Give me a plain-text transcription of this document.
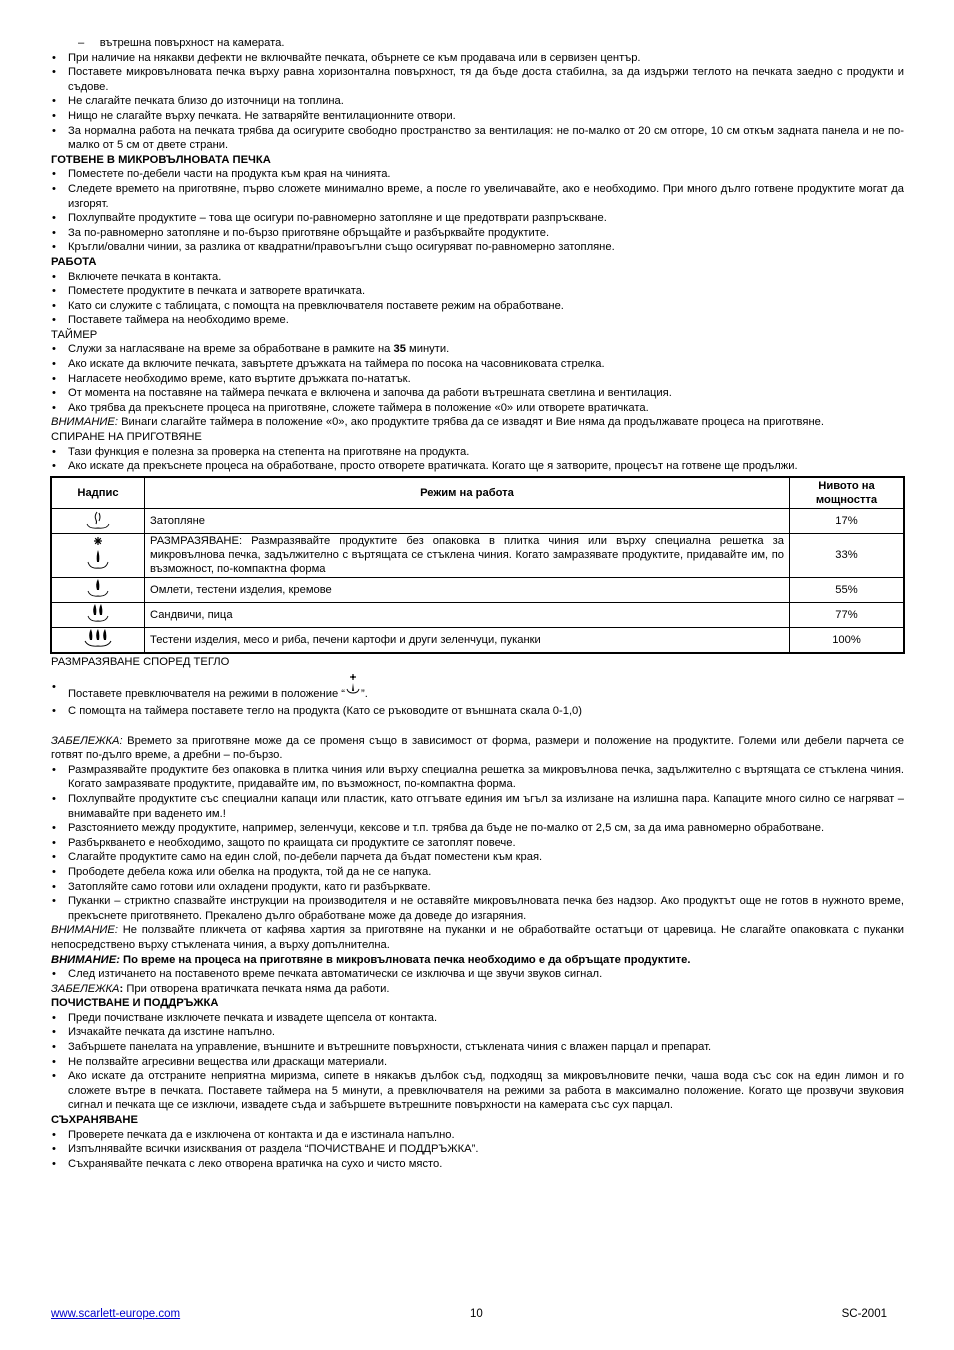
–     вътрешна повърхност на камерата.
• При наличие на някакви дефекти не включвайте печката, обърнете се към продавача или в сервизен център.
• Поставете микровълновата печка върху равна хоризонтална повърхност, тя да бъде доста стабилна, за да издържи теглото на печката заедно с продукти и съдове.
• Не слагайте печката близо до източници на топлина.
• Нищо не слагайте върху печката. Не затваряйте вентилационните отвори.
• За нормална работа на печката трябва да осигурите свободно пространство за вентилация: не по-малко от 20 см отгоре, 10 см откъм задната панела и не по-малко от 5 см от двете страни.
ГОТВЕНЕ В МИКРОВЪЛНОВАТА ПЕЧКА
• Поместете по-дебели части на продукта към края на чинията.
• Следете времето на приготвяне, първо сложете минимално време, а после го увеличавайте, ако е необходимо. При много дълго готвене продуктите могат да изгорят.
• Похлупвайте продуктите – това ще осигури по-равномерно затопляне и ще предотврати разпръскване.
• За по-равномерно затопляне и по-бързо приготвяне обръщайте и разбърквайте продуктите.
• Кръгли/овални чинии, за разлика от квадратни/правоъгълни също осигуряват по-равномерно затопляне.
РАБОТА
• Включете печката в контакта.
• Поместете продуктите в печката и затворете вратичката.
• Като си служите с таблицата, с помощта на превключвателя поставете режим на обработване.
• Поставете таймера на необходимо време.
ТАЙМЕР
• Служи за нагласяване на време за обработване в рамките на 35 минути.
• Ако искате да включите печката, завъртете дръжката на таймера по посока на часовниковата стрелка.
• Нагласете необходимо време, като въртите дръжката по-нататък.
• От момента на поставяне на таймера печката е включена и започва да работи вътрешната светлина и вентилация.
• Ако трябва да прекъснете процеса на приготвяне, сложете таймера в положение «0» или отворете вратичката.
ВНИМАНИЕ: Винаги слагайте таймера в положение «0», ако продуктите трябва да се извадят и Вие няма да продължавате процеса на приготвяне.
СПИРАНЕ НА ПРИГОТВЯНЕ
• Тази функция е полезна за проверка на степента на приготвяне на продукта.
• Ако искате да прекъснете процеса на обработване, просто отворете вратичката. Когато ще я затворите, процесът на готвене ще продължи.
Надпис	Режим на работа	Нивото на мощността
	Затопляне	17%
	РАЗМРАЗЯВАНЕ: Размразявайте продуктите без опаковка в плитка чиния или върху специална решетка за микровълнова печка, задължително с въртящата се стъклена чиния. Когато замразявате продуктите, придавайте им, по възможност, по-компактна форма	33%
	Омлети, тестени изделия, кремове	55%
	Сандвичи, пица	77%
	Тестени изделия, месо и риба, печени картофи и други зеленчуци, пуканки	100%
РАЗМРАЗЯВАНЕ СПОРЕД ТЕГЛО
• Поставете превключвателя на режими в положение “ ”.
• С помощта на таймера поставете тегло на продукта (Като се ръководите от външната скала 0-1,0)
ЗАБЕЛЕЖКА: Времето за приготвяне може да се променя също в зависимост от форма, размери и положение на продуктите. Големи или дебели парчета се готвят по-дълго време, а дребни – по-бързо.
• Размразявайте продуктите без опаковка в плитка чиния или върху специална решетка за микровълнова печка, задължително с въртящата се стъклена чиния. Когато замразявате продуктите, придавайте им, по възможност, по-компактна форма.
• Похлупвайте продуктите със специални капаци или пластик, като отгъвате единия им ъгъл за излизане на излишна пара. Капаците много силно се нагряват – внимавайте при ваденето им.!
• Разстоянието между продуктите, например, зеленчуци, кексове и т.п. трябва да бъде не по-малко от 2,5 см, за да има равномерно обработване.
• Разбъркването е необходимо, защото по краищата си продуктите се затоплят повече.
• Слагайте продуктите само на един слой, по-дебели парчета да бъдат поместени към края.
• Прободете дебела кожа или обелка на продукта, той да не се напука.
• Затопляйте само готови или охладени продукти, като ги разбърквате.
• Пуканки – стриктно спазвайте инструкции на производителя и не оставяйте микровълновата печка без надзор. Ако продуктът още не готов в нужното време, прекъснете приготвянето. Прекалено дълго обработване може да доведе до изгаряния.
ВНИМАНИЕ: Не ползвайте пликчета от кафява хартия за приготвяне на пуканки и не обработвайте остатъци от царевица. Не слагайте опаковката с пуканки непосредствено върху стъклената чиния, а върху допълнителна.
ВНИМАНИЕ: По време на процеса на приготвяне в микровълновата печка необходимо е да обръщате продуктите.
• След изтичането на поставеното време печката автоматически се изключва и ще звучи звуков сигнал.
ЗАБЕЛЕЖКА: При отворена вратичката печката няма да работи.
ПОЧИСТВАНЕ И ПОДДРЪЖКА
• Преди почистване изключете печката и извадете щепсела от контакта.
• Изчакайте печката да изстине напълно.
• Забършете панелата на управление, външните и вътрешните повърхности, стъклената чиния с влажен парцал и препарат.
• Не ползвайте агресивни вещества или драскащи материали.
• Ако искате да отстраните неприятна миризма, сипете в някакъв дълбок съд, подходящ за микровълновите печки, чаша вода със сок на един лимон и го сложете вътре в печката. Поставете таймера на 5 минути, а превключвателя на режими за работа в максимално положение. Когато ще прозвучи звуковия сигнал и печката ще се изключи, извадете съда и забършете вътрешните повърхности на камерата със сух парцал.
СЪХРАНЯВАНЕ
• Проверете печката да е изключена от контакта и да е изстинала напълно.
• Изпълнявайте всички изисквания от раздела “ПОЧИСТВАНЕ И ПОДДРЪЖКА”.
• Съхранявайте печката с леко отворена вратичка на сухо и чисто място.
www.scarlett-europe.com	10	SC-2001
